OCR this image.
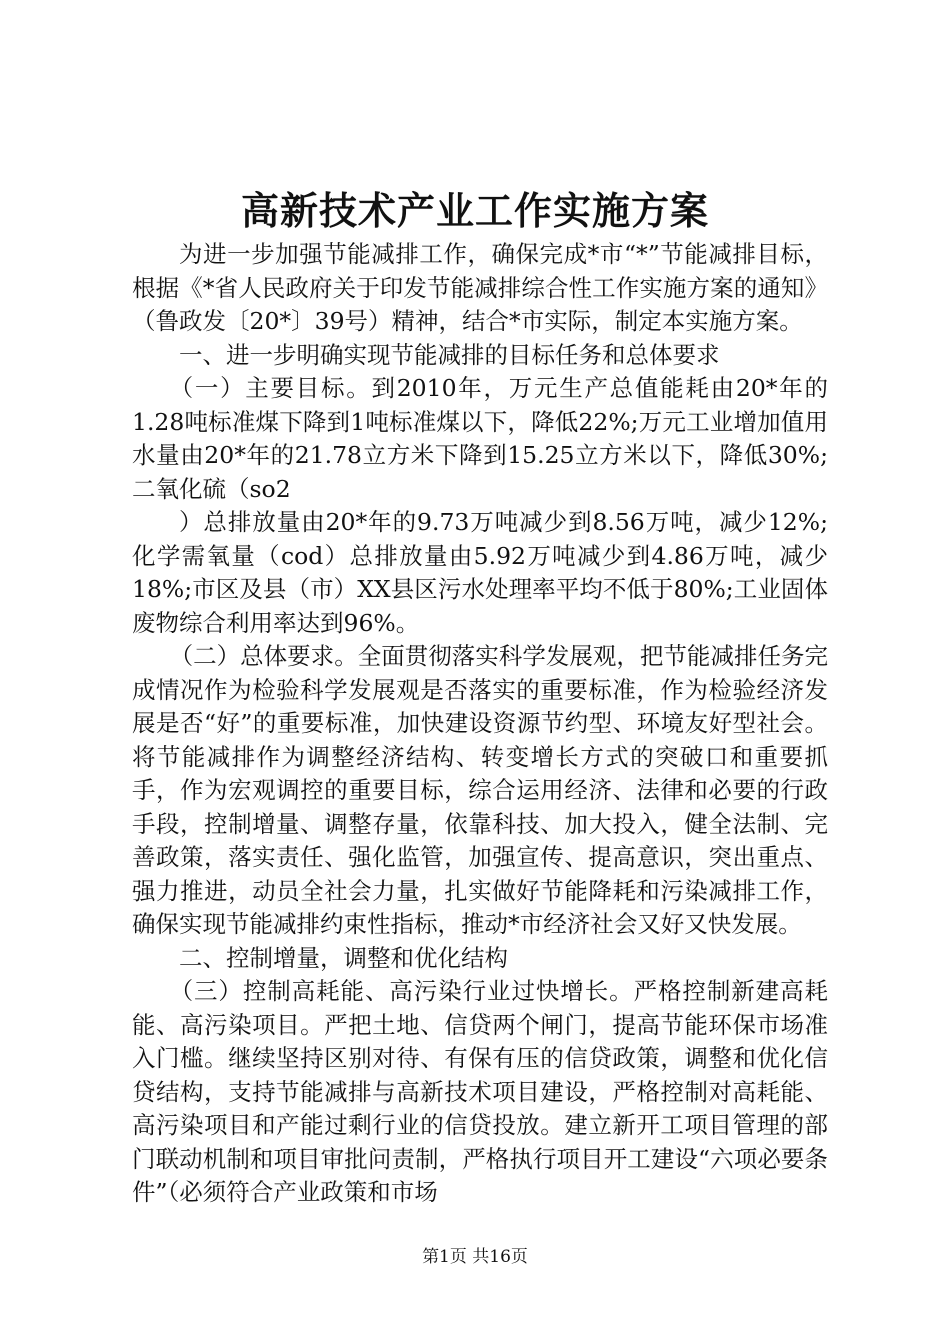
高新技术产业工作实施方案

为进一步加强节能减排工作，确保完成*市“*”节能减排目标，根据《*省人民政府关于印发节能减排综合性工作实施方案的通知》（鲁政发〔20*〕39号）精神，结合*市实际，制定本实施方案。

一、进一步明确实现节能减排的目标任务和总体要求

（一）主要目标。到2010年，万元生产总值能耗由20*年的1.28吨标准煤下降到1吨标准煤以下，降低22%;万元工业增加值用水量由20*年的21.78立方米下降到15.25立方米以下，降低30%;二氧化硫（so2

）总排放量由20*年的9.73万吨减少到8.56万吨，减少12%;化学需氧量（cod）总排放量由5.92万吨减少到4.86万吨，减少18%;市区及县（市）XX县区污水处理率平均不低于80%;工业固体废物综合利用率达到96%。

（二）总体要求。全面贯彻落实科学发展观，把节能减排任务完成情况作为检验科学发展观是否落实的重要标准，作为检验经济发展是否“好”的重要标准，加快建设资源节约型、环境友好型社会。将节能减排作为调整经济结构、转变增长方式的突破口和重要抓手，作为宏观调控的重要目标，综合运用经济、法律和必要的行政手段，控制增量、调整存量，依靠科技、加大投入，健全法制、完善政策，落实责任、强化监管，加强宣传、提高意识，突出重点、强力推进，动员全社会力量，扎实做好节能降耗和污染减排工作，确保实现节能减排约束性指标，推动*市经济社会又好又快发展。

二、控制增量，调整和优化结构

（三）控制高耗能、高污染行业过快增长。严格控制新建高耗能、高污染项目。严把土地、信贷两个闸门，提高节能环保市场准入门槛。继续坚持区别对待、有保有压的信贷政策，调整和优化信贷结构，支持节能减排与高新技术项目建设，严格控制对高耗能、高污染项目和产能过剩行业的信贷投放。建立新开工项目管理的部门联动机制和项目审批问责制，严格执行项目开工建设“六项必要条件”（必须符合产业政策和市场

第1页 共16页
